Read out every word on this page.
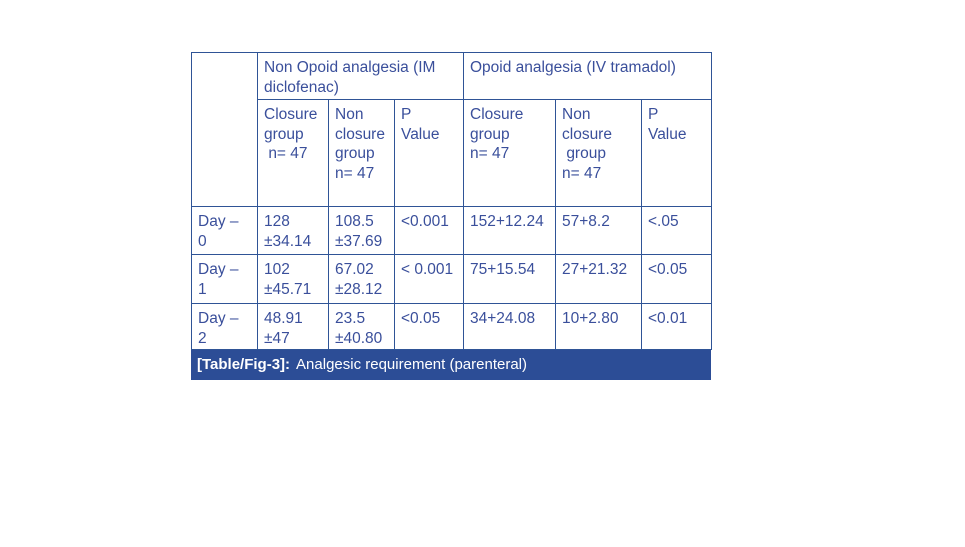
	Non Opoid analgesia (IM diclofenac)			Opoid analgesia (IV tramadol)		
	Closure
group
n= 47	Non
closure
group
n= 47	P
Value	Closure
group
n= 47	Non
closure
group
n= 47	P
Value
Day – 0	128
±34.14	108.5
±37.69	<0.001	152+12.24	57+8.2	<.05
Day – 1	102
±45.71	67.02
±28.12	< 0.001	75+15.54	27+21.32	<0.05
Day – 2	48.91
±47	23.5
±40.80	<0.05	34+24.08	10+2.80	<0.01
[Table/Fig-3]: Analgesic requirement (parenteral)
